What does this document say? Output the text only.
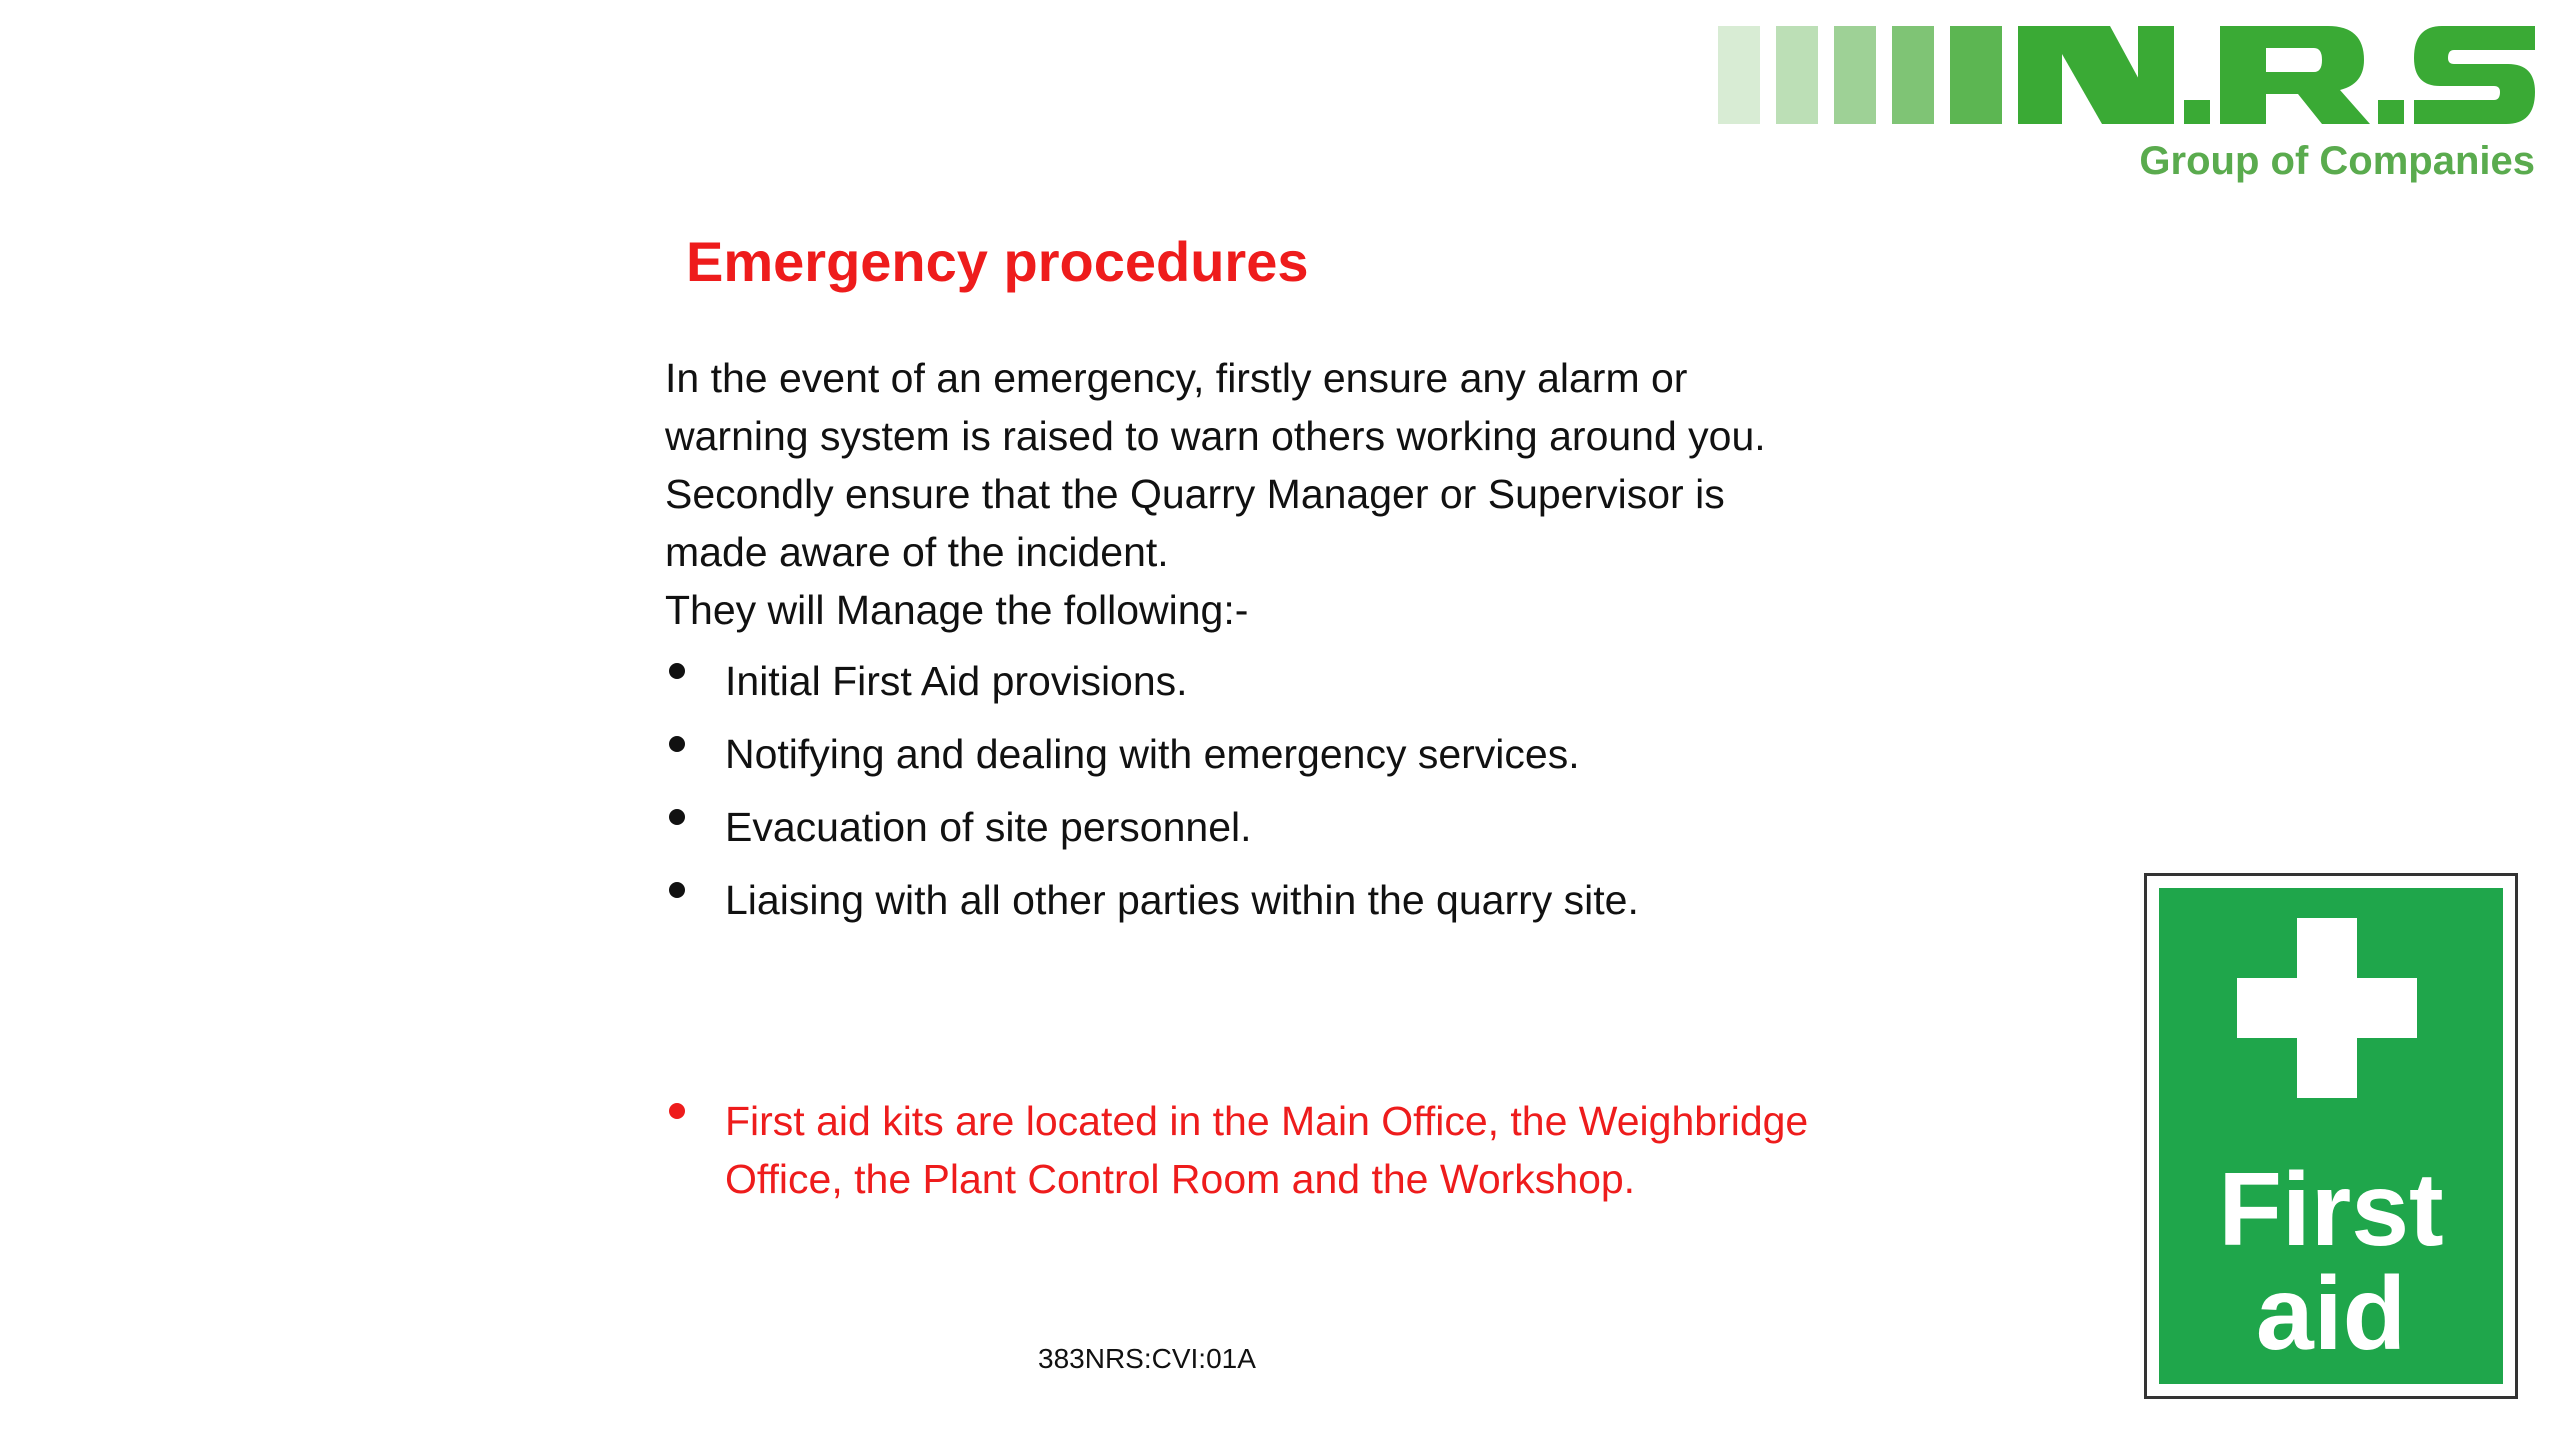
Group of Companies
Emergency procedures

In the event of an emergency, firstly ensure any alarm or

warning system is raised to warn others working around you.

Secondly ensure that the Quarry Manager or Supervisor is

made aware of the incident.

They will Manage the following:-

Initial First Aid provisions.
Notifying and dealing with emergency services.
Evacuation of site personnel.
Liaising with all other parties within the quarry site.
First aid kits are located in the Main Office, the Weighbridge Office, the Plant Control Room and the Workshop.
383NRS:CVI:01A
First
aid
